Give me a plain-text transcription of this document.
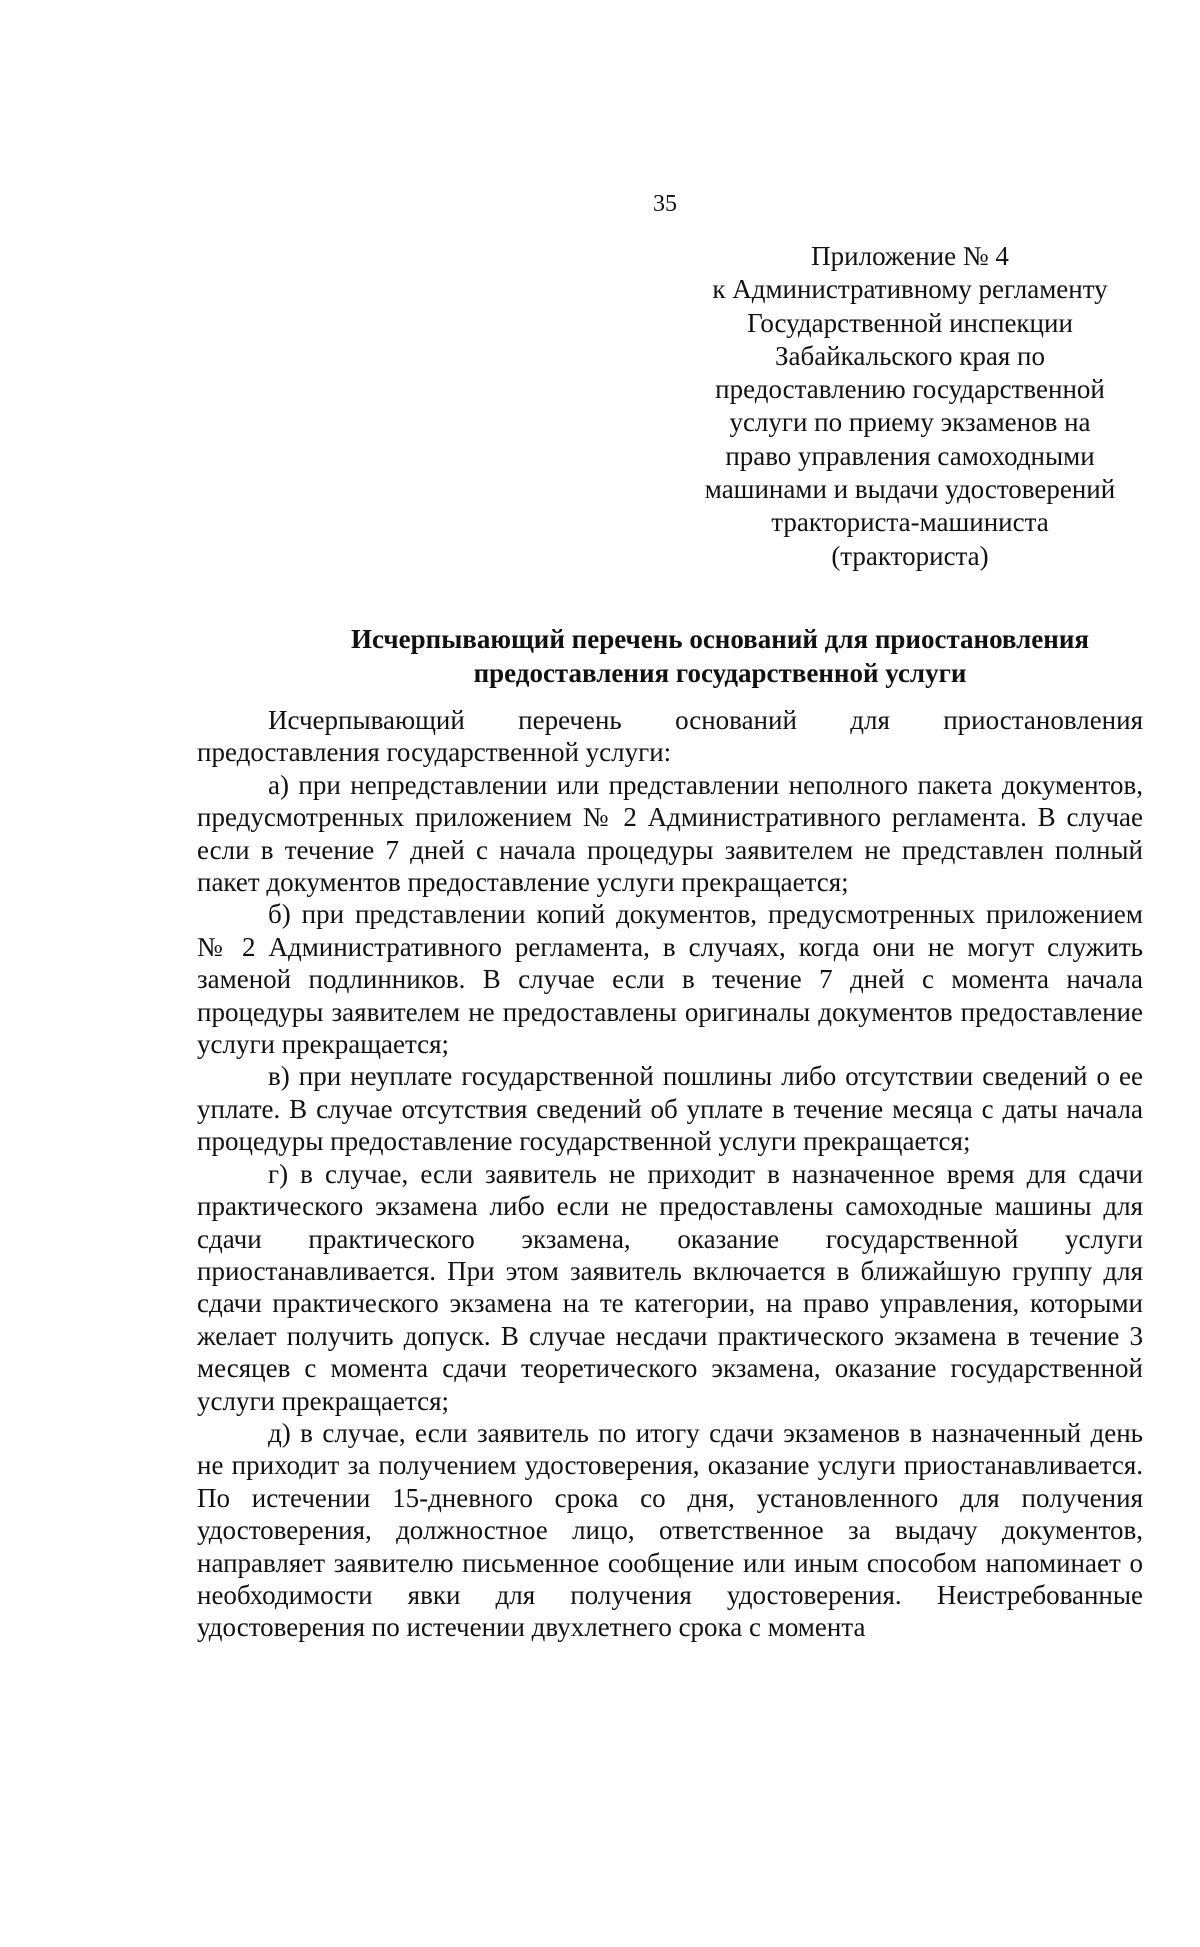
35
Приложение № 4
к Административному регламенту
Государственной инспекции
Забайкальского края по
предоставлению государственной
услуги по приему экзаменов на
право управления самоходными
машинами и выдачи удостоверений
тракториста-машиниста
(тракториста)
Исчерпывающий перечень оснований для приостановления
предоставления государственной услуги

Исчерпывающий перечень оснований для приостановления предоставления государственной услуги:

а) при непредставлении или представлении неполного пакета документов, предусмотренных приложением № 2 Административного регламента. В случае если в течение 7 дней с начала процедуры заявителем не представлен полный пакет документов предоставление услуги прекращается;

б) при представлении копий документов, предусмотренных приложением № 2 Административного регламента, в случаях, когда они не могут служить заменой подлинников. В случае если в течение 7 дней с момента начала процедуры заявителем не предоставлены оригиналы документов предоставление услуги прекращается;

в) при неуплате государственной пошлины либо отсутствии сведений о ее уплате. В случае отсутствия сведений об уплате в течение месяца с даты начала процедуры предоставление государственной услуги прекращается;

г) в случае, если заявитель не приходит в назначенное время для сдачи практического экзамена либо если не предоставлены самоходные машины для сдачи практического экзамена, оказание государственной услуги приостанавливается. При этом заявитель включается в ближайшую группу для сдачи практического экзамена на те категории, на право управления, которыми желает получить допуск. В случае несдачи практического экзамена в течение 3 месяцев с момента сдачи теоретического экзамена, оказание государственной услуги прекращается;

д) в случае, если заявитель по итогу сдачи экзаменов в назначенный день не приходит за получением удостоверения, оказание услуги приостанавливается. По истечении 15-дневного срока со дня, установленного для получения удостоверения, должностное лицо, ответственное за выдачу документов, направляет заявителю письменное сообщение или иным способом напоминает о необходимости явки для получения удостоверения. Неистребованные удостоверения по истечении двухлетнего срока с момента
